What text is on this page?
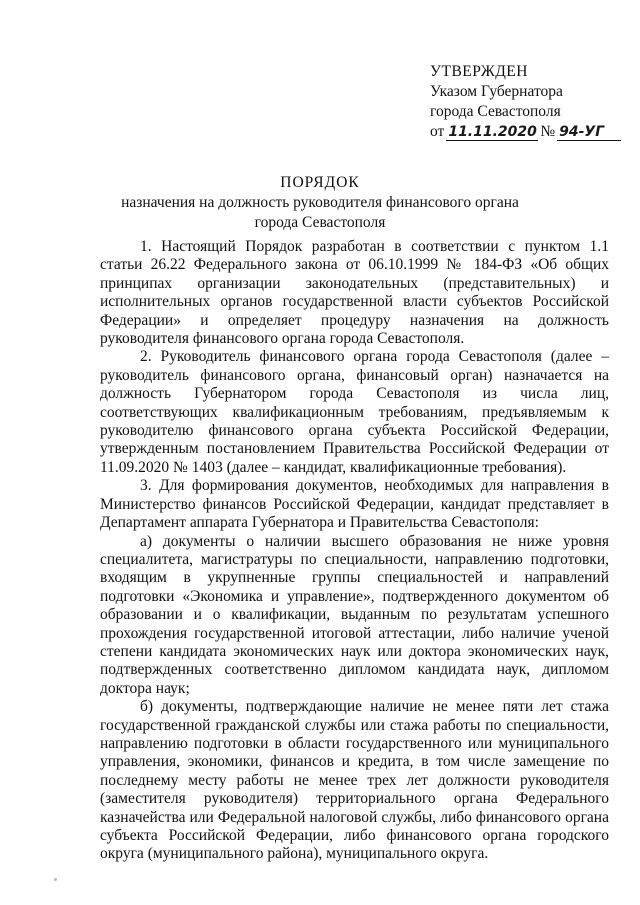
УТВЕРЖДЕН
Указом Губернатора
города Севастополя
от 11.11.2020 № 94-УГ
ПОРЯДОК
назначения на должность руководителя финансового органа
города Севастополя

1. Настоящий Порядок разработан в соответствии с пунктом 1.1 статьи 26.22 Федерального закона от 06.10.1999 № 184-ФЗ «Об общих принципах организации законодательных (представительных) и исполнительных органов государственной власти субъектов Российской Федерации» и определяет процедуру назначения на должность руководителя финансового органа города Севастополя.

2. Руководитель финансового органа города Севастополя (далее – руководитель финансового органа, финансовый орган) назначается на должность Губернатором города Севастополя из числа лиц, соответствующих квалификационным требованиям, предъявляемым к руководителю финансового органа субъекта Российской Федерации, утвержденным постановлением Правительства Российской Федерации от 11.09.2020 № 1403 (далее – кандидат, квалификационные требования).

3. Для формирования документов, необходимых для направления в Министерство финансов Российской Федерации, кандидат представляет в Департамент аппарата Губернатора и Правительства Севастополя:

а) документы о наличии высшего образования не ниже уровня специалитета, магистратуры по специальности, направлению подготовки, входящим в укрупненные группы специальностей и направлений подготовки «Экономика и управление», подтвержденного документом об образовании и о квалификации, выданным по результатам успешного прохождения государственной итоговой аттестации, либо наличие ученой степени кандидата экономических наук или доктора экономических наук, подтвержденных соответственно дипломом кандидата наук, дипломом доктора наук;

б) документы, подтверждающие наличие не менее пяти лет стажа государственной гражданской службы или стажа работы по специальности, направлению подготовки в области государственного или муниципального управления, экономики, финансов и кредита, в том числе замещение по последнему месту работы не менее трех лет должности руководителя (заместителя руководителя) территориального органа Федерального казначейства или Федеральной налоговой службы, либо финансового органа субъекта Российской Федерации, либо финансового органа городского округа (муниципального района), муниципального округа.
